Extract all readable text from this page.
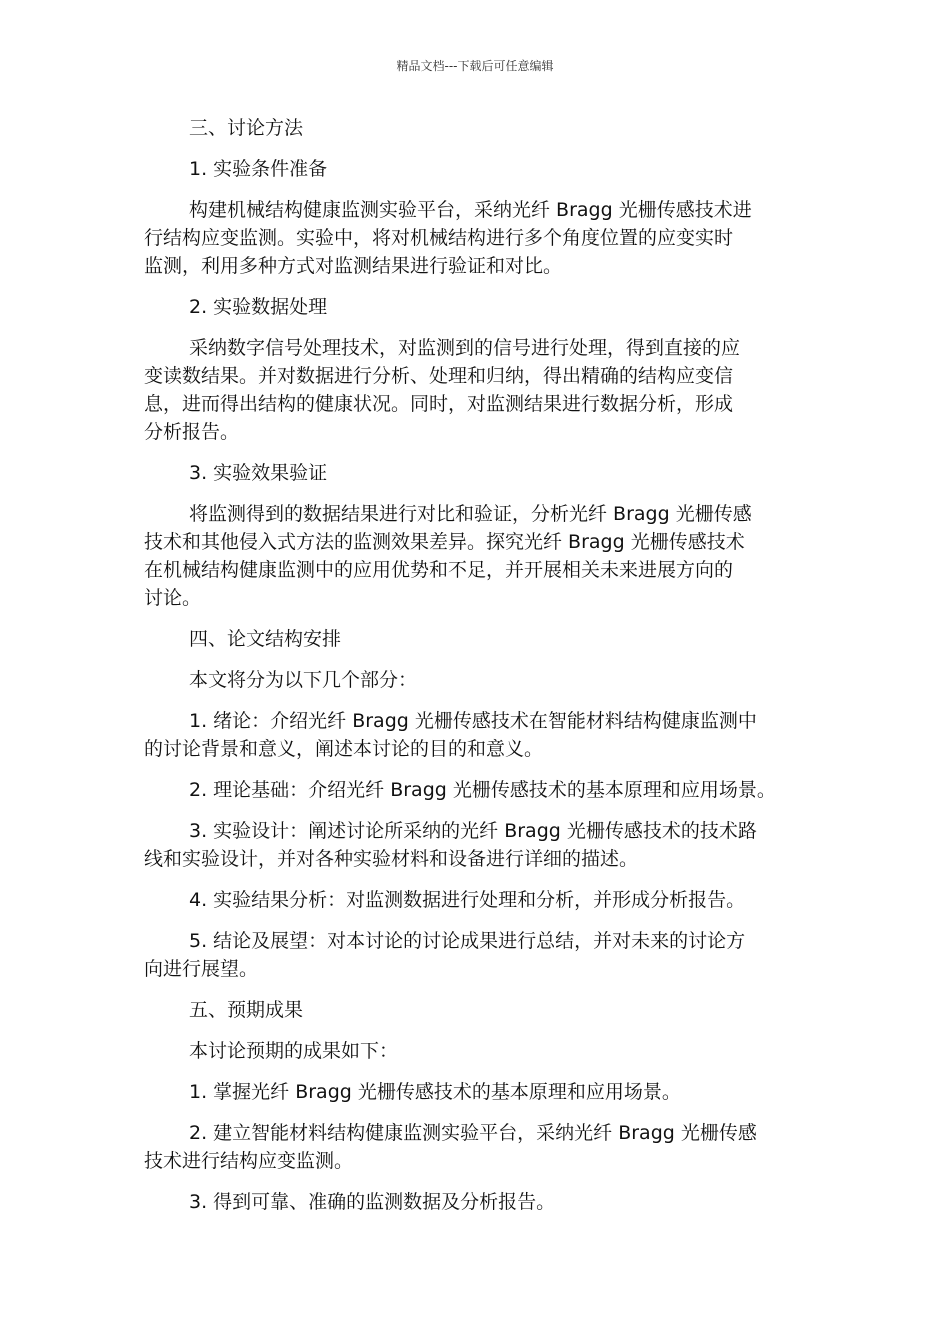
精品文档---下载后可任意编辑

三、讨论方法

1. 实验条件准备

构建机械结构健康监测实验平台，采纳光纤 Bragg 光栅传感技术进
行结构应变监测。实验中，将对机械结构进行多个角度位置的应变实时
监测，利用多种方式对监测结果进行验证和对比。

2. 实验数据处理

采纳数字信号处理技术，对监测到的信号进行处理，得到直接的应
变读数结果。并对数据进行分析、处理和归纳，得出精确的结构应变信
息，进而得出结构的健康状况。同时，对监测结果进行数据分析，形成
分析报告。

3. 实验效果验证

将监测得到的数据结果进行对比和验证，分析光纤 Bragg 光栅传感
技术和其他侵入式方法的监测效果差异。探究光纤 Bragg 光栅传感技术
在机械结构健康监测中的应用优势和不足，并开展相关未来进展方向的
讨论。

四、论文结构安排

本文将分为以下几个部分：

1. 绪论：介绍光纤 Bragg 光栅传感技术在智能材料结构健康监测中
的讨论背景和意义，阐述本讨论的目的和意义。

2. 理论基础：介绍光纤 Bragg 光栅传感技术的基本原理和应用场景。

3. 实验设计：阐述讨论所采纳的光纤 Bragg 光栅传感技术的技术路
线和实验设计，并对各种实验材料和设备进行详细的描述。

4. 实验结果分析：对监测数据进行处理和分析，并形成分析报告。

5. 结论及展望：对本讨论的讨论成果进行总结，并对未来的讨论方
向进行展望。

五、预期成果

本讨论预期的成果如下：

1. 掌握光纤 Bragg 光栅传感技术的基本原理和应用场景。

2. 建立智能材料结构健康监测实验平台，采纳光纤 Bragg 光栅传感
技术进行结构应变监测。

3. 得到可靠、准确的监测数据及分析报告。
